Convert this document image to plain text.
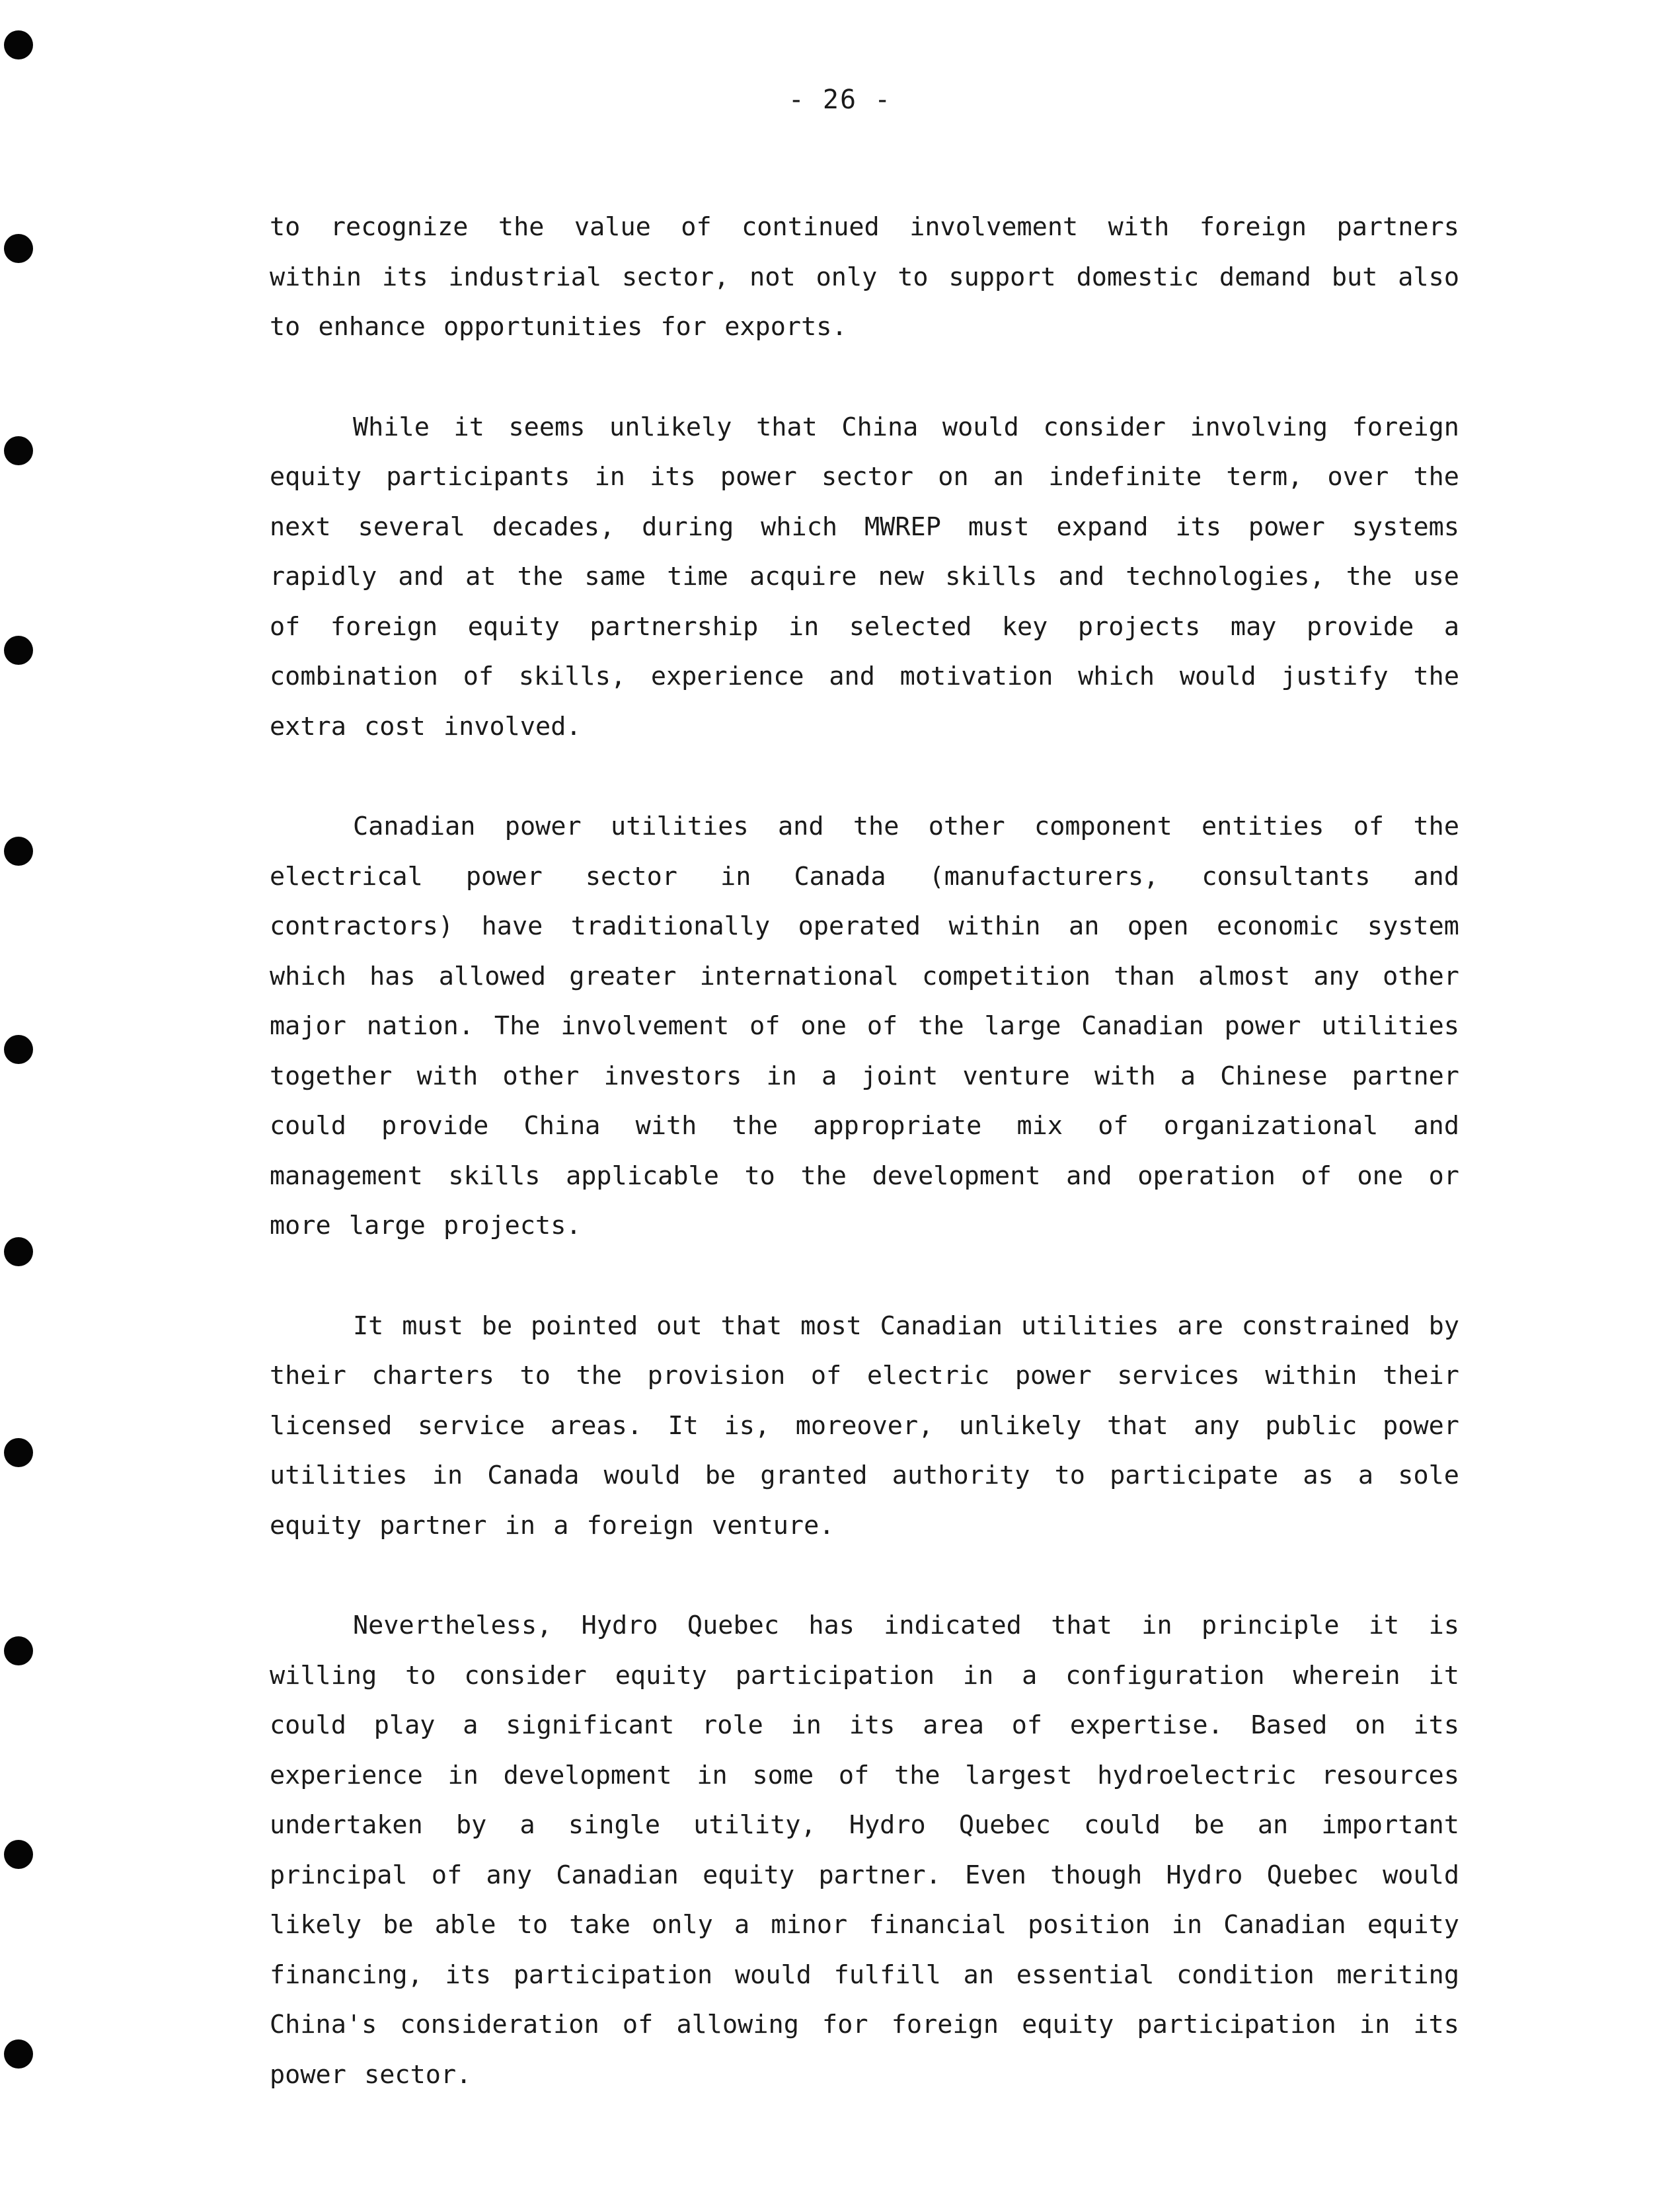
- 26 -

to recognize the value of continued involvement with foreign partners within its industrial sector, not only to support domestic demand but also to enhance opportunities for exports.

While it seems unlikely that China would consider involving foreign equity participants in its power sector on an indefinite term, over the next several decades, during which MWREP must expand its power systems rapidly and at the same time acquire new skills and technologies, the use of foreign equity partnership in selected key projects may provide a combination of skills, experience and motivation which would justify the extra cost involved.

Canadian power utilities and the other component entities of the electrical power sector in Canada (manufacturers, consultants and contractors) have traditionally operated within an open economic system which has allowed greater international competition than almost any other major nation. The involvement of one of the large Canadian power utilities together with other investors in a joint venture with a Chinese partner could provide China with the appropriate mix of organizational and management skills applicable to the development and operation of one or more large projects.

It must be pointed out that most Canadian utilities are constrained by their charters to the provision of electric power services within their licensed service areas. It is, moreover, unlikely that any public power utilities in Canada would be granted authority to participate as a sole equity partner in a foreign venture.

Nevertheless, Hydro Quebec has indicated that in principle it is willing to consider equity participation in a configuration wherein it could play a significant role in its area of expertise. Based on its experience in development in some of the largest hydroelectric resources undertaken by a single utility, Hydro Quebec could be an important principal of any Canadian equity partner. Even though Hydro Quebec would likely be able to take only a minor financial position in Canadian equity financing, its participation would fulfill an essential condition meriting China's consideration of allowing for foreign equity participation in its power sector.
